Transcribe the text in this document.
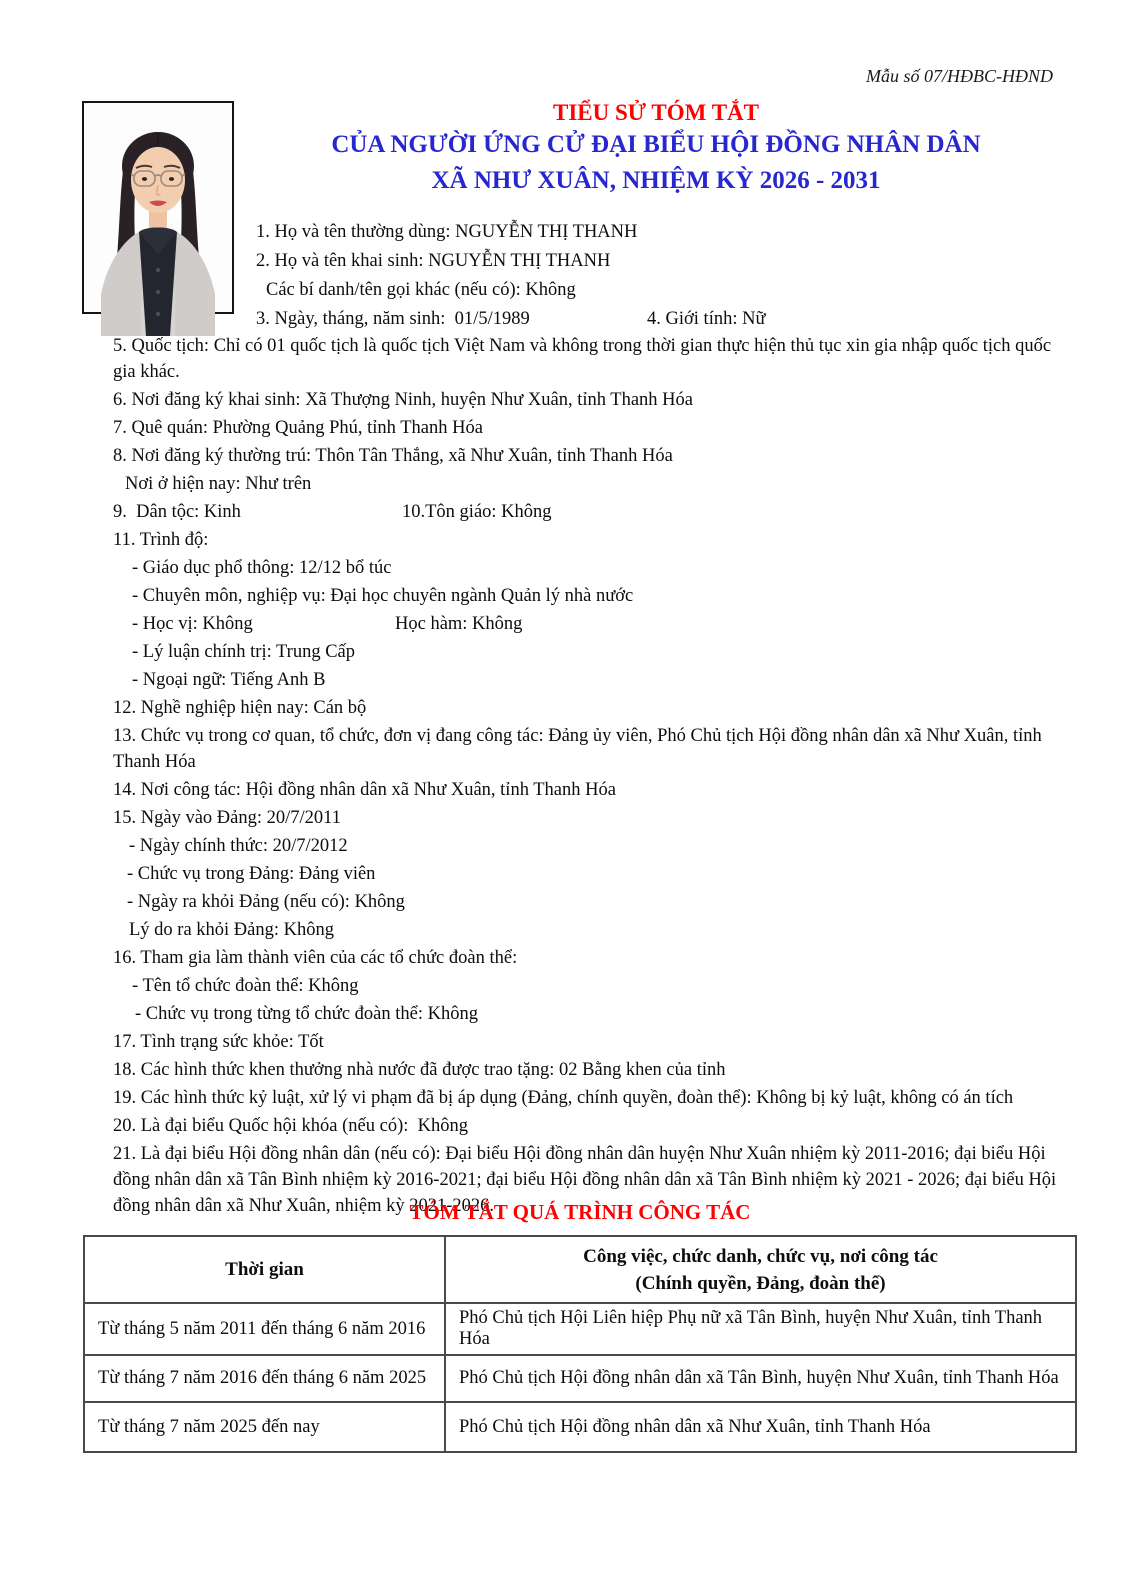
Mẫu số 07/HĐBC-HĐND
TIỂU SỬ TÓM TẮT
CỦA NGƯỜI ỨNG CỬ ĐẠI BIỂU HỘI ĐỒNG NHÂN DÂN
XÃ NHƯ XUÂN, NHIỆM KỲ 2026 - 2031
1. Họ và tên thường dùng: NGUYỄN THỊ THANH
2. Họ và tên khai sinh: NGUYỄN THỊ THANH
Các bí danh/tên gọi khác (nếu có): Không
3. Ngày, tháng, năm sinh:  01/5/1989	4. Giới tính: Nữ
5. Quốc tịch: Chỉ có 01 quốc tịch là quốc tịch Việt Nam và không trong thời gian thực hiện thủ tục xin gia nhập quốc tịch quốc gia khác.
6. Nơi đăng ký khai sinh: Xã Thượng Ninh, huyện Như Xuân, tỉnh Thanh Hóa
7. Quê quán: Phường Quảng Phú, tỉnh Thanh Hóa
8. Nơi đăng ký thường trú: Thôn Tân Thắng, xã Như Xuân, tỉnh Thanh Hóa
Nơi ở hiện nay: Như trên
9.  Dân tộc: Kinh	10.Tôn giáo: Không
11. Trình độ:
- Giáo dục phổ thông: 12/12 bổ túc
- Chuyên môn, nghiệp vụ: Đại học chuyên ngành Quản lý nhà nước
- Học vị: Không	Học hàm: Không
- Lý luận chính trị: Trung Cấp
- Ngoại ngữ: Tiếng Anh B
12. Nghề nghiệp hiện nay: Cán bộ
13. Chức vụ trong cơ quan, tổ chức, đơn vị đang công tác: Đảng ủy viên, Phó Chủ tịch Hội đồng nhân dân xã Như Xuân, tỉnh Thanh Hóa
14. Nơi công tác: Hội đồng nhân dân xã Như Xuân, tỉnh Thanh Hóa
15. Ngày vào Đảng: 20/7/2011
- Ngày chính thức: 20/7/2012
- Chức vụ trong Đảng: Đảng viên
- Ngày ra khỏi Đảng (nếu có): Không
Lý do ra khỏi Đảng: Không
16. Tham gia làm thành viên của các tổ chức đoàn thể:
- Tên tổ chức đoàn thể: Không
- Chức vụ trong từng tổ chức đoàn thể: Không
17. Tình trạng sức khỏe: Tốt
18. Các hình thức khen thưởng nhà nước đã được trao tặng: 02 Bằng khen của tỉnh
19. Các hình thức kỷ luật, xử lý vi phạm đã bị áp dụng (Đảng, chính quyền, đoàn thể): Không bị kỷ luật, không có án tích
20. Là đại biểu Quốc hội khóa (nếu có):  Không
21. Là đại biểu Hội đồng nhân dân (nếu có): Đại biểu Hội đồng nhân dân huyện Như Xuân nhiệm kỳ 2011-2016; đại biểu Hội đồng nhân dân xã Tân Bình nhiệm kỳ 2016-2021; đại biểu Hội đồng nhân dân xã Tân Bình nhiệm kỳ 2021 - 2026; đại biểu Hội đồng nhân dân xã Như Xuân, nhiệm kỳ 2021-2026.
TÓM TẮT QUÁ TRÌNH CÔNG TÁC
Thời gian	Công việc, chức danh, chức vụ, nơi công tác
(Chính quyền, Đảng, đoàn thể)

Từ tháng 5 năm 2011 đến tháng 6 năm 2016	Phó Chủ tịch Hội Liên hiệp Phụ nữ xã Tân Bình, huyện Như Xuân, tỉnh Thanh Hóa
Từ tháng 7 năm 2016 đến tháng 6 năm 2025	Phó Chủ tịch Hội đồng nhân dân xã Tân Bình, huyện Như Xuân, tỉnh Thanh Hóa
Từ tháng 7 năm 2025 đến nay	Phó Chủ tịch Hội đồng nhân dân xã Như Xuân, tỉnh Thanh Hóa
